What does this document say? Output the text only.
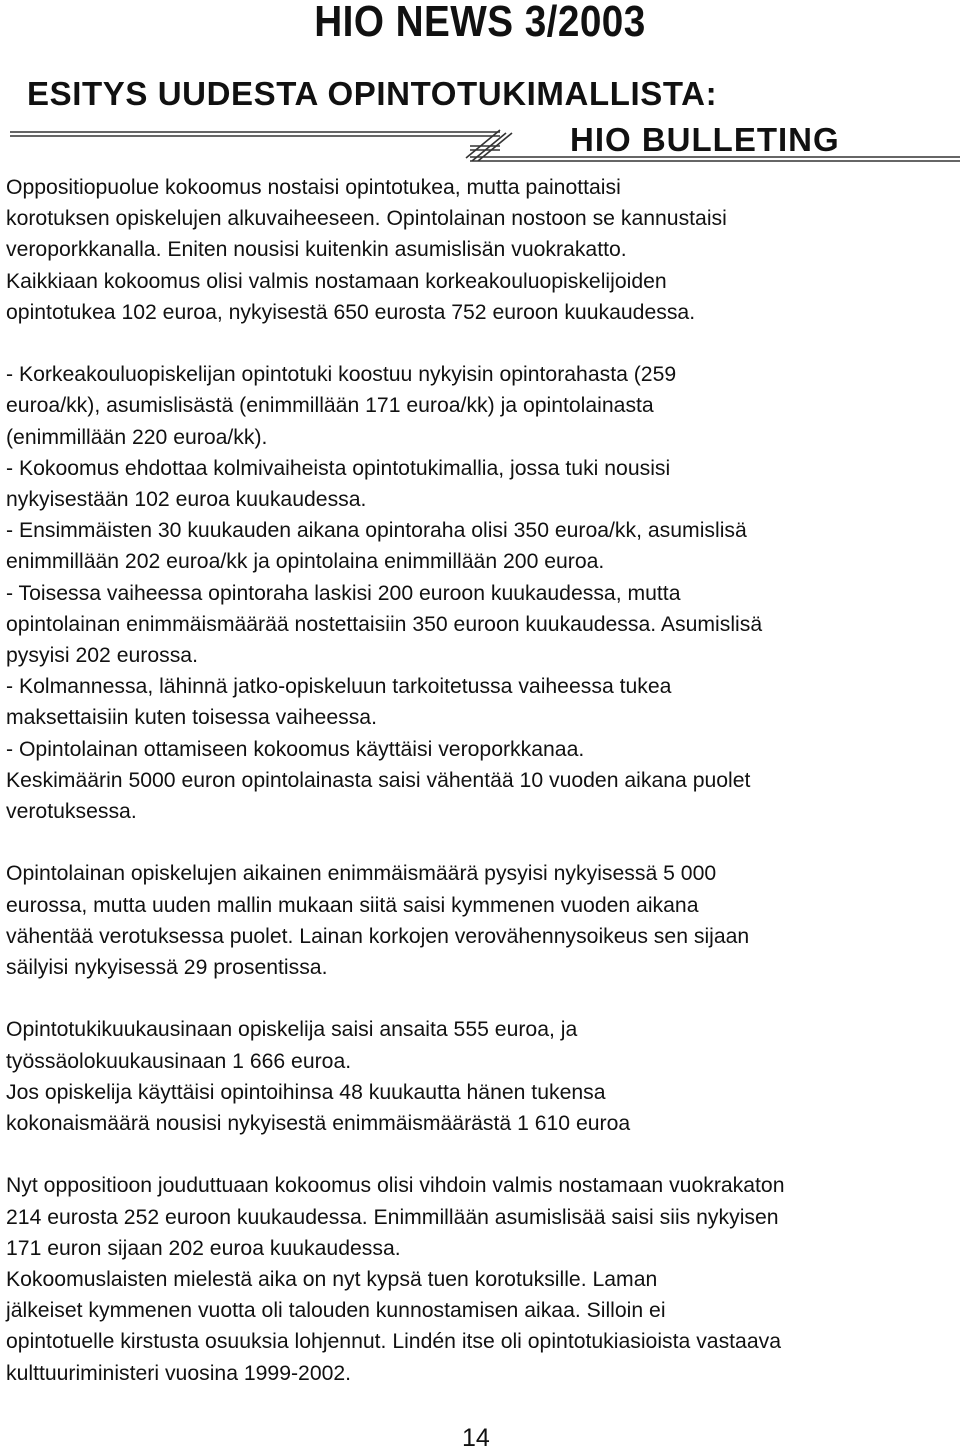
HIO NEWS 3/2003
ESITYS UUDESTA OPINTOTUKIMALLISTA:
HIO BULLETING

Oppositiopuolue kokoomus nostaisi opintotukea, mutta painottaisi

korotuksen opiskelujen alkuvaiheeseen. Opintolainan nostoon se kannustaisi

veroporkkanalla. Eniten nousisi kuitenkin asumislisän vuokrakatto.

Kaikkiaan kokoomus olisi valmis nostamaan korkeakouluopiskelijoiden

opintotukea 102 euroa, nykyisestä 650 eurosta 752 euroon kuukaudessa.

- Korkeakouluopiskelijan opintotuki koostuu nykyisin opintorahasta (259

euroa/kk), asumislisästä (enimmillään 171 euroa/kk) ja opintolainasta

(enimmillään 220 euroa/kk).

- Kokoomus ehdottaa kolmivaiheista opintotukimallia, jossa tuki nousisi

nykyisestään 102 euroa kuukaudessa.

- Ensimmäisten 30 kuukauden aikana opintoraha olisi 350 euroa/kk, asumislisä

enimmillään 202 euroa/kk ja opintolaina enimmillään 200 euroa.

- Toisessa vaiheessa opintoraha laskisi 200 euroon kuukaudessa, mutta

opintolainan enimmäismäärää nostettaisiin 350 euroon kuukaudessa. Asumislisä

pysyisi 202 eurossa.

- Kolmannessa, lähinnä jatko-opiskeluun tarkoitetussa vaiheessa tukea

maksettaisiin kuten toisessa vaiheessa.

- Opintolainan ottamiseen kokoomus käyttäisi veroporkkanaa.

Keskimäärin 5000 euron opintolainasta saisi vähentää 10 vuoden aikana puolet

verotuksessa.

Opintolainan opiskelujen aikainen enimmäismäärä pysyisi nykyisessä 5 000

eurossa, mutta uuden mallin mukaan siitä saisi kymmenen vuoden aikana

vähentää verotuksessa puolet. Lainan korkojen verovähennysoikeus sen sijaan

säilyisi nykyisessä 29 prosentissa.

Opintotukikuukausinaan opiskelija saisi ansaita 555 euroa, ja

työssäolokuukausinaan 1 666 euroa.

Jos opiskelija käyttäisi opintoihinsa 48 kuukautta hänen tukensa

kokonaismäärä nousisi nykyisestä enimmäismäärästä 1 610 euroa

Nyt oppositioon jouduttuaan kokoomus olisi vihdoin valmis nostamaan vuokrakaton

214 eurosta 252 euroon kuukaudessa. Enimmillään asumislisää saisi siis nykyisen

171 euron sijaan 202 euroa kuukaudessa.

Kokoomuslaisten mielestä aika on nyt kypsä tuen korotuksille. Laman

jälkeiset kymmenen vuotta oli talouden kunnostamisen aikaa. Silloin ei

opintotuelle kirstusta osuuksia lohjennut. Lindén itse oli opintotukiasioista vastaava

kulttuuriministeri vuosina 1999-2002.

14
